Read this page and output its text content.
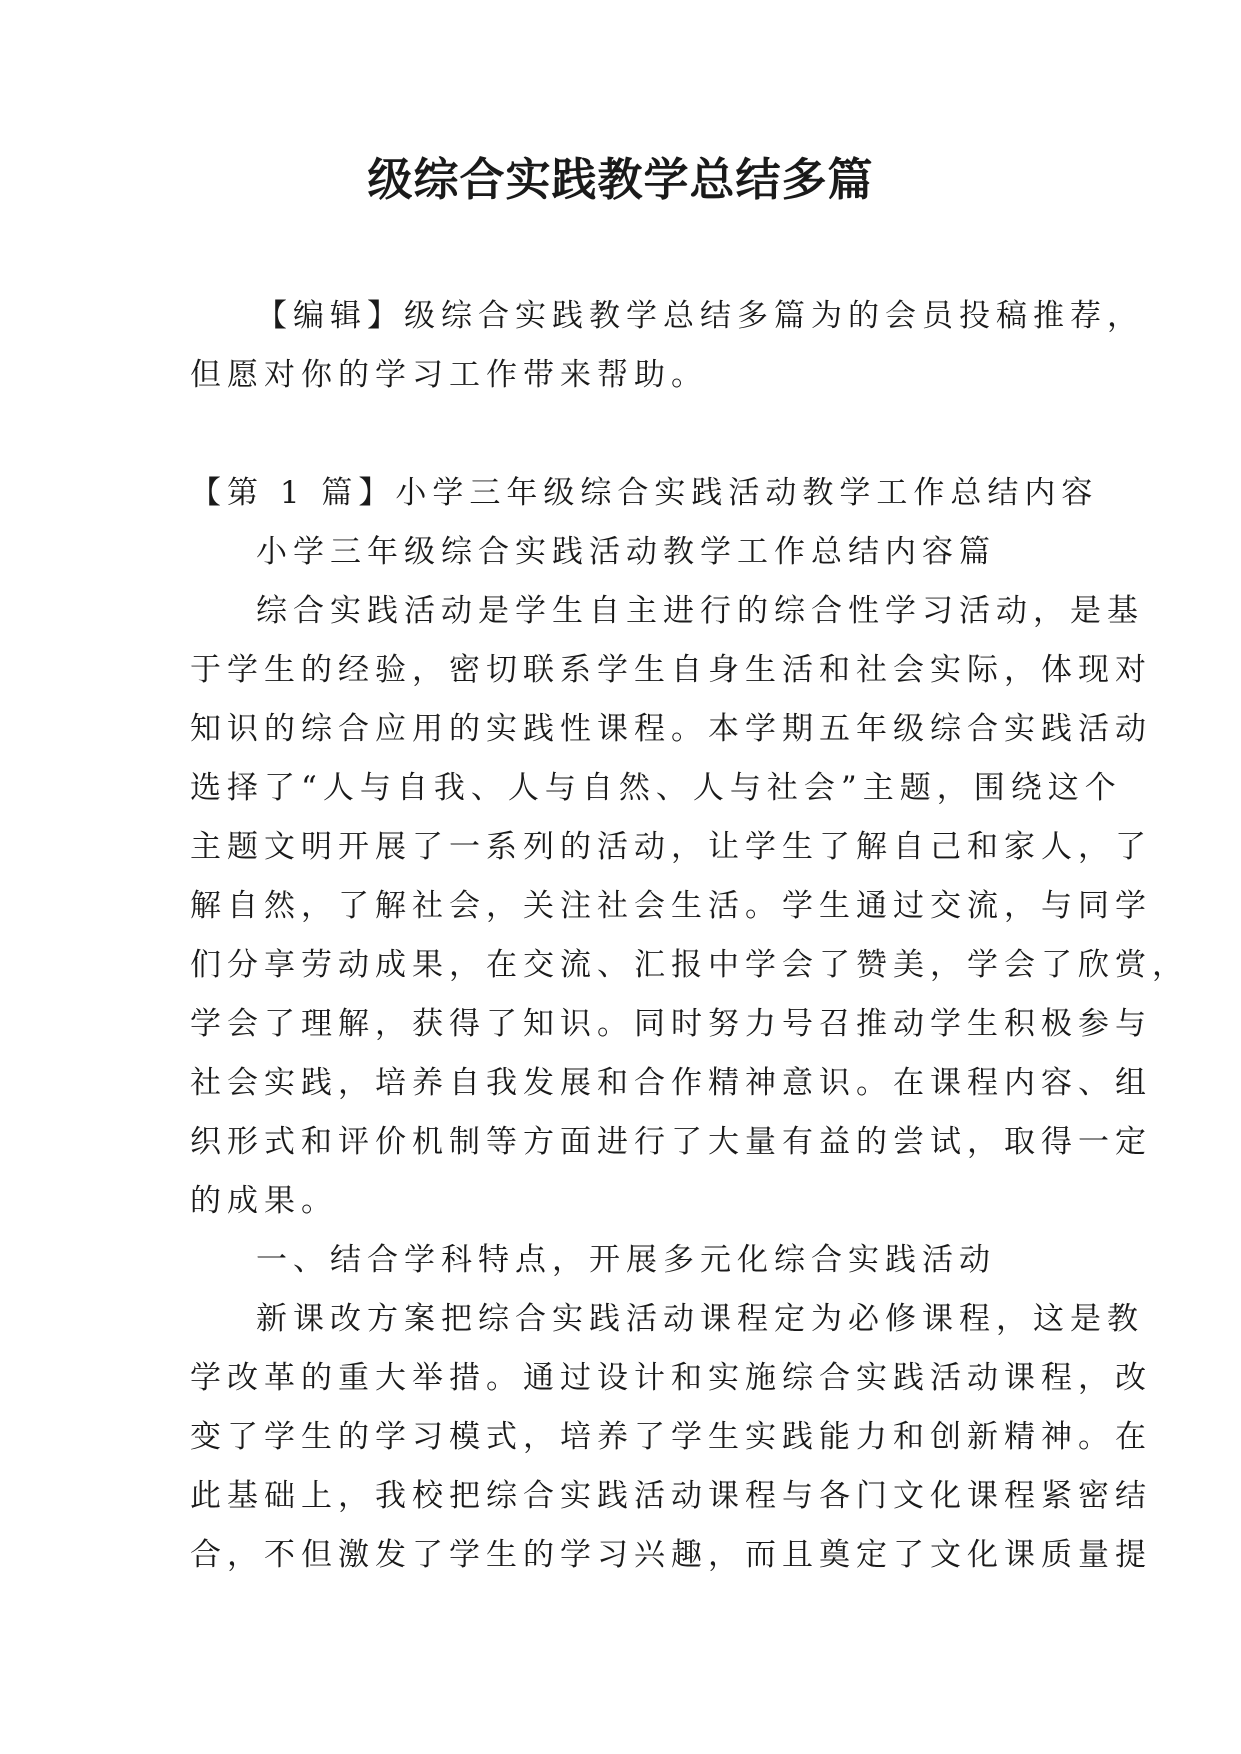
级综合实践教学总结多篇
【编辑】级综合实践教学总结多篇为的会员投稿推荐，
但愿对你的学习工作带来帮助。
【第 1 篇】小学三年级综合实践活动教学工作总结内容
小学三年级综合实践活动教学工作总结内容篇
综合实践活动是学生自主进行的综合性学习活动，是基
于学生的经验，密切联系学生自身生活和社会实际，体现对
知识的综合应用的实践性课程。本学期五年级综合实践活动
选择了“人与自我、人与自然、人与社会”主题，围绕这个
主题文明开展了一系列的活动，让学生了解自己和家人，了
解自然，了解社会，关注社会生活。学生通过交流，与同学
们分享劳动成果，在交流、汇报中学会了赞美，学会了欣赏，
学会了理解，获得了知识。同时努力号召推动学生积极参与
社会实践，培养自我发展和合作精神意识。在课程内容、组
织形式和评价机制等方面进行了大量有益的尝试，取得一定
的成果。
一、结合学科特点，开展多元化综合实践活动
新课改方案把综合实践活动课程定为必修课程，这是教
学改革的重大举措。通过设计和实施综合实践活动课程，改
变了学生的学习模式，培养了学生实践能力和创新精神。在
此基础上，我校把综合实践活动课程与各门文化课程紧密结
合，不但激发了学生的学习兴趣，而且奠定了文化课质量提
